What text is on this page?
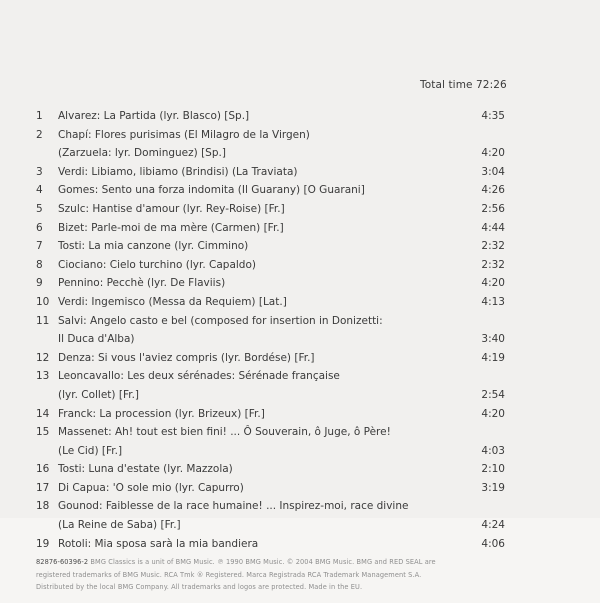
Total time 72:26
1	Alvarez: La Partida (lyr. Blasco) [Sp.]	4:35
2	Chapí: Flores purisimas (El Milagro de la Virgen)
(Zarzuela: lyr. Dominguez) [Sp.]	4:20
3	Verdi: Libiamo, libiamo (Brindisi) (La Traviata)	3:04
4	Gomes: Sento una forza indomita (Il Guarany) [O Guarani]	4:26
5	Szulc: Hantise d'amour (lyr. Rey-Roise) [Fr.]	2:56
6	Bizet: Parle-moi de ma mère (Carmen) [Fr.]	4:44
7	Tosti: La mia canzone (lyr. Cimmino)	2:32
8	Ciociano: Cielo turchino (lyr. Capaldo)	2:32
9	Pennino: Pecchè (lyr. De Flaviis)	4:20
10 Verdi: Ingemisco (Messa da Requiem) [Lat.]	4:13
11 Salvi: Angelo casto e bel (composed for insertion in Donizetti:
Il Duca d'Alba)	3:40
12 Denza: Si vous l'aviez compris (lyr. Bordése) [Fr.]	4:19
13 Leoncavallo: Les deux sérénades: Sérénade française
(lyr. Collet) [Fr.]	2:54
14 Franck: La procession (lyr. Brizeux) [Fr.]	4:20
15 Massenet: Ah! tout est bien fini! ... Ô Souverain, ô Juge, ô Père!
(Le Cid) [Fr.]	4:03
16 Tosti: Luna d'estate (lyr. Mazzola)	2:10
17 Di Capua: 'O sole mio (lyr. Capurro)	3:19
18 Gounod: Faiblesse de la race humaine! ... Inspirez-moi, race divine
(La Reine de Saba) [Fr.]	4:24
19 Rotoli: Mia sposa sarà la mia bandiera	4:06
82876-60396-2 BMG Classics is a unit of BMG Music. ℗ 1990 BMG Music. © 2004 BMG Music. BMG and RED SEAL are
registered trademarks of BMG Music. RCA Tmk ® Registered. Marca Registrada RCA Trademark Management S.A.
Distributed by the local BMG Company. All trademarks and logos are protected. Made in the EU.
